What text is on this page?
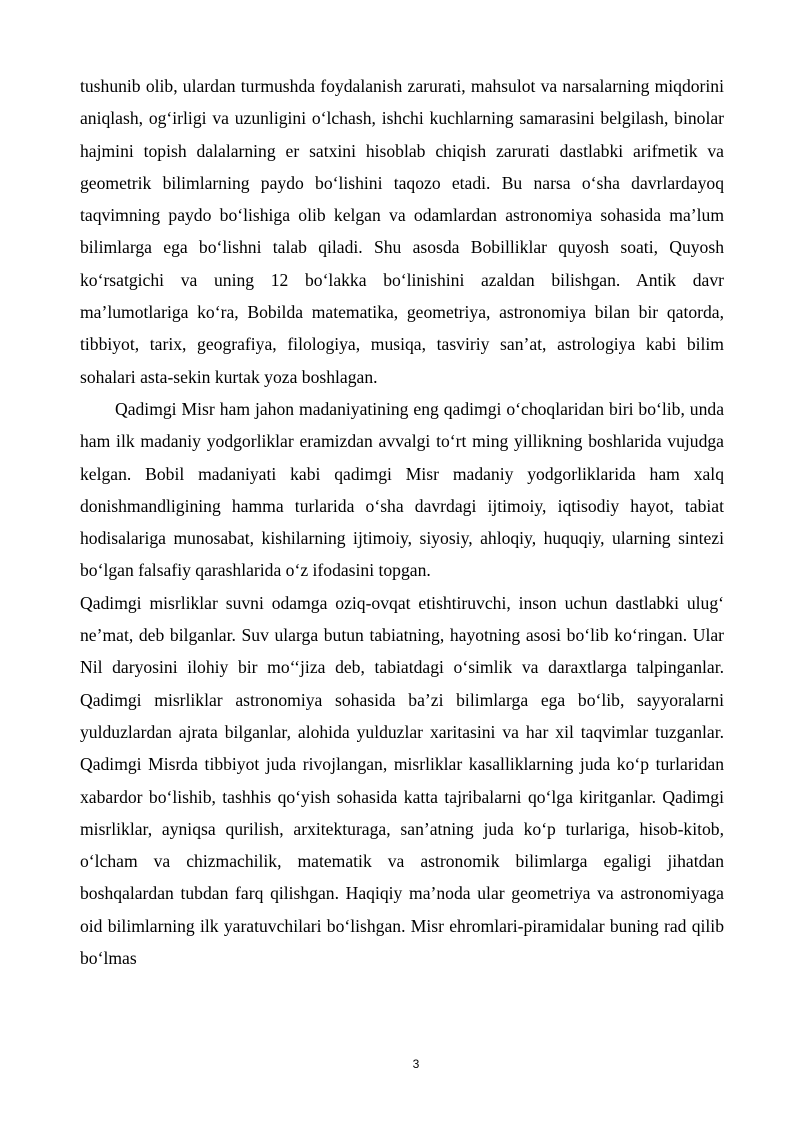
tushunib olib, ulardan turmushda foydalanish zarurati, mahsulot va narsalarning miqdorini aniqlash, og‘irligi va uzunligini o‘lchash, ishchi kuchlarning samarasini belgilash, binolar hajmini topish dalalarning er satxini hisoblab chiqish zarurati dastlabki arifmetik va geometrik bilimlarning paydo bo‘lishini taqozo etadi. Bu narsa o‘sha davrlardayoq taqvimning paydo bo‘lishiga olib kelgan va odamlardan astronomiya sohasida ma’lum bilimlarga ega bo‘lishni talab qiladi. Shu asosda Bobilliklar quyosh soati, Quyosh ko‘rsatgichi va uning 12 bo‘lakka bo‘linishini azaldan bilishgan. Antik davr ma’lumotlariga ko‘ra, Bobilda matematika, geometriya, astronomiya bilan bir qatorda, tibbiyot, tarix, geografiya, filologiya, musiqa, tasviriy san’at, astrologiya kabi bilim sohalari asta-sekin kurtak yoza boshlagan.

Qadimgi Misr ham jahon madaniyatining eng qadimgi o‘choqlaridan biri bo‘lib, unda ham ilk madaniy yodgorliklar eramizdan avvalgi to‘rt ming yillikning boshlarida vujudga kelgan. Bobil madaniyati kabi qadimgi Misr madaniy yodgorliklarida ham xalq donishmandligining hamma turlarida o‘sha davrdagi ijtimoiy, iqtisodiy hayot, tabiat hodisalariga munosabat, kishilarning ijtimoiy, siyosiy, ahloqiy, huquqiy, ularning sintezi bo‘lgan falsafiy qarashlarida o‘z ifodasini topgan.

Qadimgi misrliklar suvni odamga oziq-ovqat etishtiruvchi, inson uchun dastlabki ulug‘ ne’mat, deb bilganlar. Suv ularga butun tabiatning, hayotning asosi bo‘lib ko‘ringan. Ular Nil daryosini ilohiy bir mo‘‘jiza deb, tabiatdagi o‘simlik va daraxtlarga talpinganlar. Qadimgi misrliklar astronomiya sohasida ba’zi bilimlarga ega bo‘lib, sayyoralarni yulduzlardan ajrata bilganlar, alohida yulduzlar xaritasini va har xil taqvimlar tuzganlar. Qadimgi Misrda tibbiyot juda rivojlangan, misrliklar kasalliklarning juda ko‘p turlaridan xabardor bo‘lishib, tashhis qo‘yish sohasida katta tajribalarni qo‘lga kiritganlar. Qadimgi misrliklar, ayniqsa qurilish, arxitekturaga, san’atning juda ko‘p turlariga, hisob-kitob, o‘lcham va chizmachilik, matematik va astronomik bilimlarga egaligi jihatdan boshqalardan tubdan farq qilishgan. Haqiqiy ma’noda ular geometriya va astronomiyaga oid bilimlarning ilk yaratuvchilari bo‘lishgan. Misr ehromlari-piramidalar buning rad qilib bo‘lmas

3
